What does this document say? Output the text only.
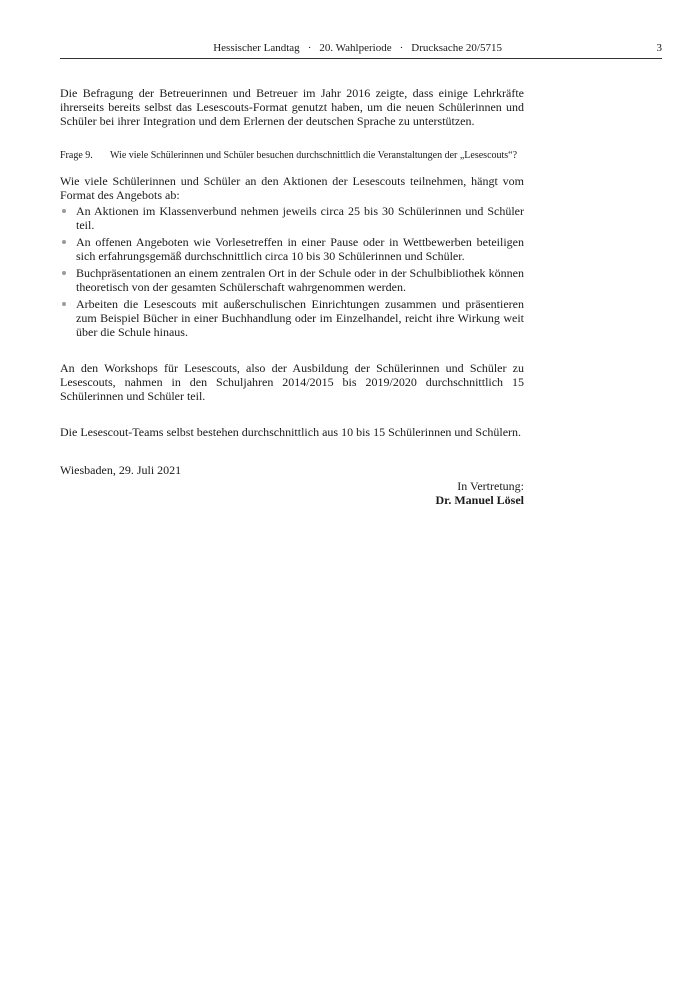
Hessischer Landtag · 20. Wahlperiode · Drucksache 20/5715	3

Die Befragung der Betreuerinnen und Betreuer im Jahr 2016 zeigte, dass einige Lehrkräfte ihrerseits bereits selbst das Lesescouts-Format genutzt haben, um die neuen Schülerinnen und Schüler bei ihrer Integration und dem Erlernen der deutschen Sprache zu unterstützen.

Frage 9.	Wie viele Schülerinnen und Schüler besuchen durchschnittlich die Veranstaltungen der „Lesescouts“?

Wie viele Schülerinnen und Schüler an den Aktionen der Lesescouts teilnehmen, hängt vom Format des Angebots ab:

An Aktionen im Klassenverbund nehmen jeweils circa 25 bis 30 Schülerinnen und Schüler teil.
An offenen Angeboten wie Vorlesetreffen in einer Pause oder in Wettbewerben beteiligen sich erfahrungsgemäß durchschnittlich circa 10 bis 30 Schülerinnen und Schüler.
Buchpräsentationen an einem zentralen Ort in der Schule oder in der Schulbibliothek können theoretisch von der gesamten Schülerschaft wahrgenommen werden.
Arbeiten die Lesescouts mit außerschulischen Einrichtungen zusammen und präsentieren zum Beispiel Bücher in einer Buchhandlung oder im Einzelhandel, reicht ihre Wirkung weit über die Schule hinaus.

An den Workshops für Lesescouts, also der Ausbildung der Schülerinnen und Schüler zu Lesescouts, nahmen in den Schuljahren 2014/2015 bis 2019/2020 durchschnittlich 15 Schülerinnen und Schüler teil.

Die Lesescout-Teams selbst bestehen durchschnittlich aus 10 bis 15 Schülerinnen und Schülern.

Wiesbaden, 29. Juli 2021

In Vertretung:
Dr. Manuel Lösel
